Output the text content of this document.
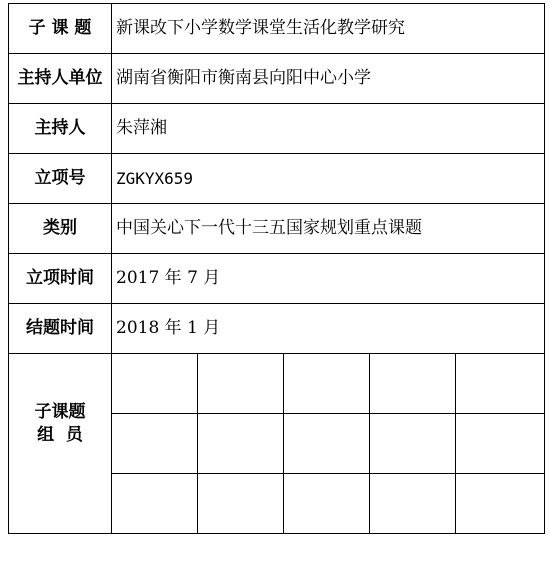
子 课 题	新课改下小学数学课堂生活化教学研究				
主持人单位	湖南省衡阳市衡南县向阳中心小学				
主持人	朱萍湘				
立项号	ZGKYX659				
类别	中国关心下一代十三五国家规划重点课题				
立项时间	2017 年 7 月				
结题时间	2018 年 1 月				

子课题
组  员					
